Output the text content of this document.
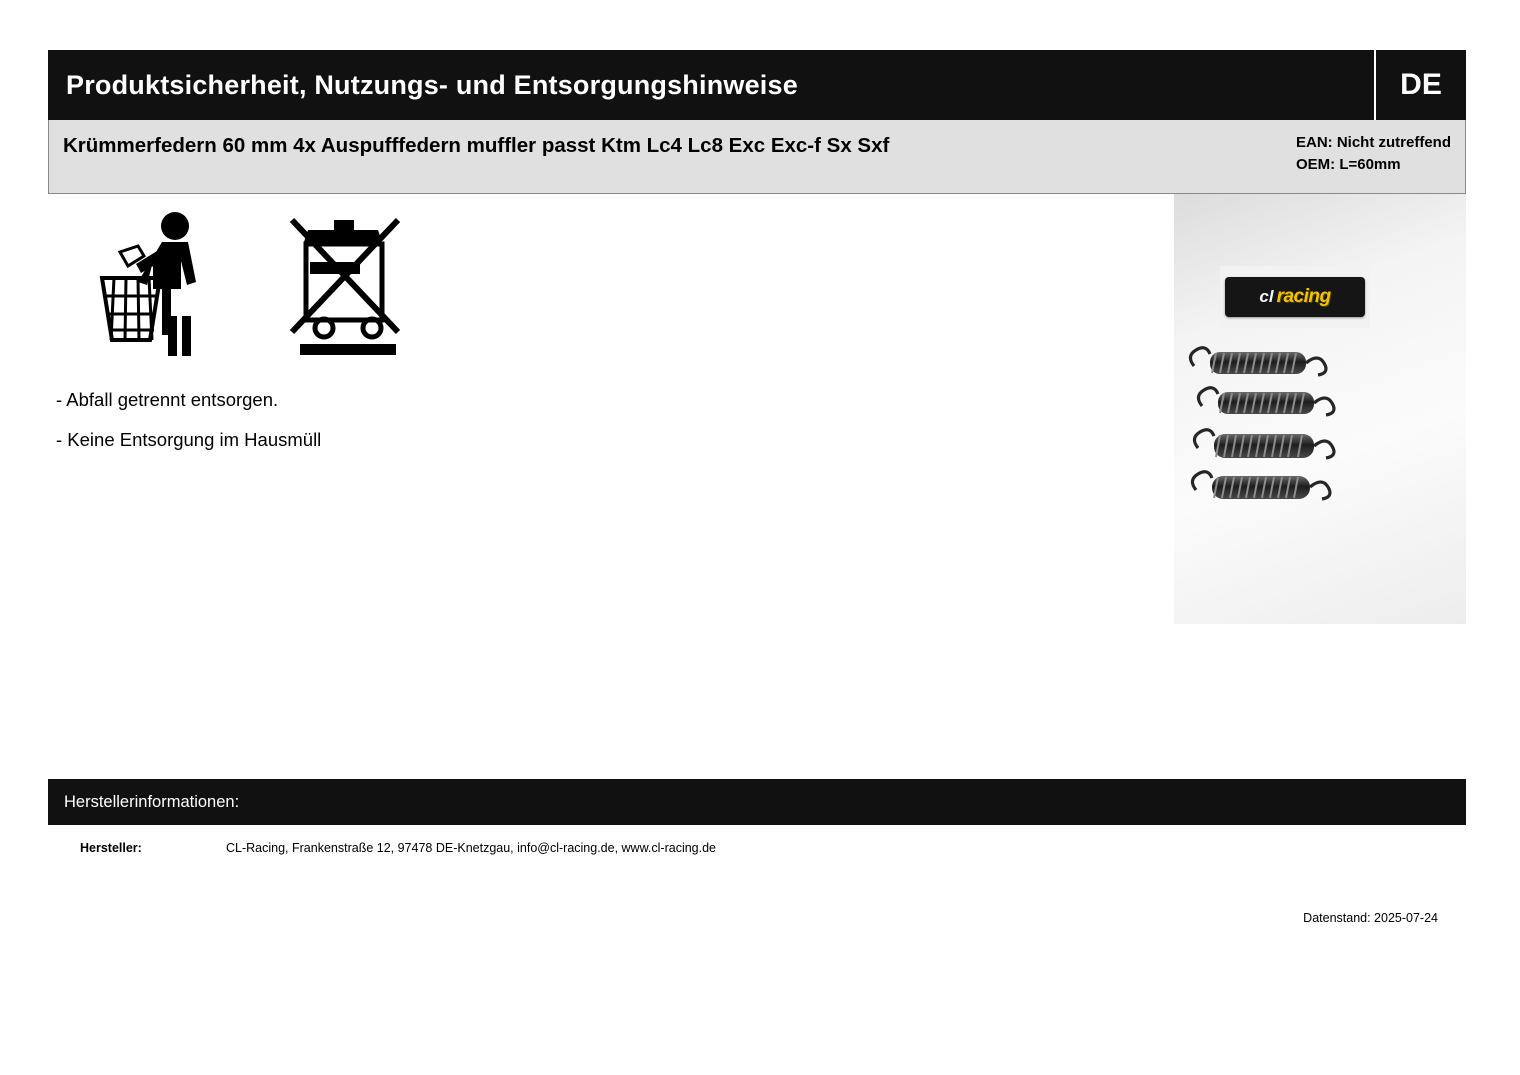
Produktsicherheit, Nutzungs- und Entsorgungshinweise	DE
Krümmerfedern 60 mm 4x Auspufffedern muffler passt Ktm Lc4 Lc8 Exc Exc-f Sx Sxf	EAN: Nicht zutreffend
OEM: L=60mm
- Abfall getrennt entsorgen.
- Keine Entsorgung im Hausmüll
cl racing
Herstellerinformationen:
Hersteller:	CL-Racing, Frankenstraße 12, 97478 DE-Knetzgau, info@cl-racing.de, www.cl-racing.de
Datenstand: 2025-07-24
